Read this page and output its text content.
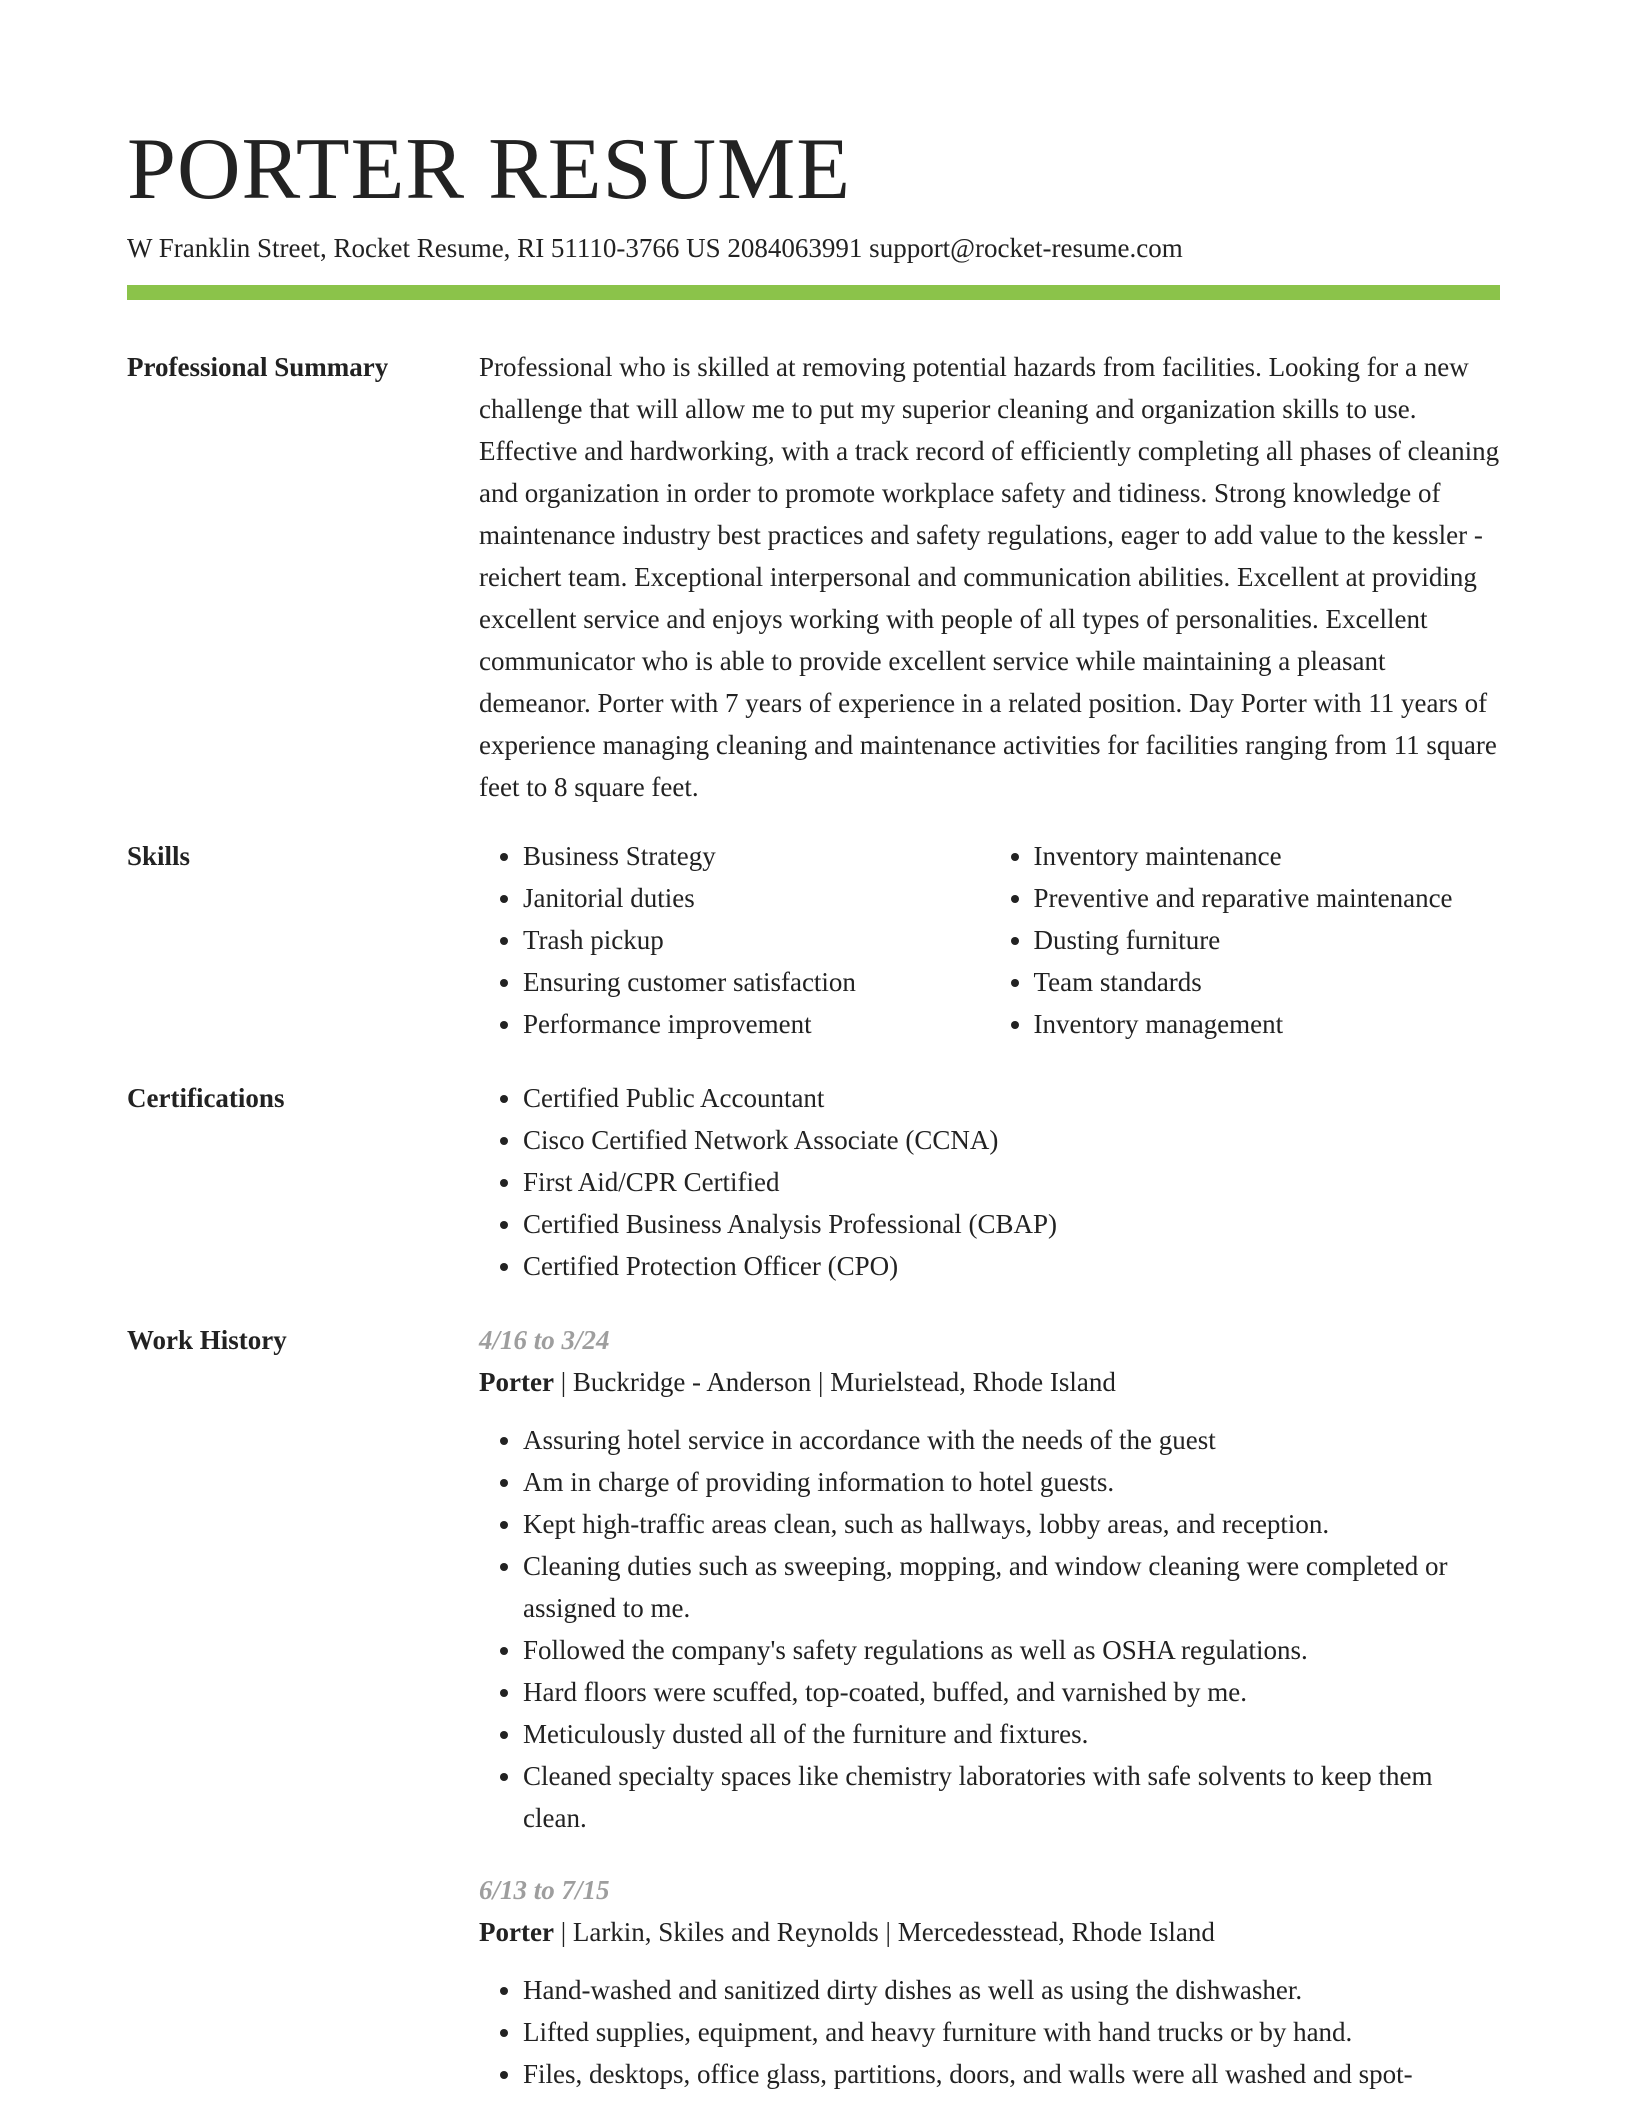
PORTER RESUME
W Franklin Street, Rocket Resume, RI 51110-3766 US 2084063991 support@rocket-resume.com
Professional Summary	Professional who is skilled at removing potential hazards from facilities. Looking for a new challenge that will allow me to put my superior cleaning and organization skills to use. Effective and hardworking, with a track record of efficiently completing all phases of cleaning and organization in order to promote workplace safety and tidiness. Strong knowledge of maintenance industry best practices and safety regulations, eager to add value to the kessler - reichert team. Exceptional interpersonal and communication abilities. Excellent at providing excellent service and enjoys working with people of all types of personalities. Excellent communicator who is able to provide excellent service while maintaining a pleasant demeanor. Porter with 7 years of experience in a related position. Day Porter with 11 years of experience managing cleaning and maintenance activities for facilities ranging from 11 square feet to 8 square feet.

Skills	• Business Strategy
• Janitorial duties
• Trash pickup
• Ensuring customer satisfaction
• Performance improvement
• Inventory maintenance
• Preventive and reparative maintenance
• Dusting furniture
• Team standards
• Inventory management
Certifications	• Certified Public Accountant
• Cisco Certified Network Associate (CCNA)
• First Aid/CPR Certified
• Certified Business Analysis Professional (CBAP)
• Certified Protection Officer (CPO)
Work History	4/16 to 3/24
Porter | Buckridge - Anderson | Murielstead, Rhode Island
• Assuring hotel service in accordance with the needs of the guest
• Am in charge of providing information to hotel guests.
• Kept high-traffic areas clean, such as hallways, lobby areas, and reception.
• Cleaning duties such as sweeping, mopping, and window cleaning were completed or assigned to me.
• Followed the company's safety regulations as well as OSHA regulations.
• Hard floors were scuffed, top-coated, buffed, and varnished by me.
• Meticulously dusted all of the furniture and fixtures.
• Cleaned specialty spaces like chemistry laboratories with safe solvents to keep them clean.
6/13 to 7/15
Porter | Larkin, Skiles and Reynolds | Mercedesstead, Rhode Island
• Hand-washed and sanitized dirty dishes as well as using the dishwasher.
• Lifted supplies, equipment, and heavy furniture with hand trucks or by hand.
• Files, desktops, office glass, partitions, doors, and walls were all washed and spot-
